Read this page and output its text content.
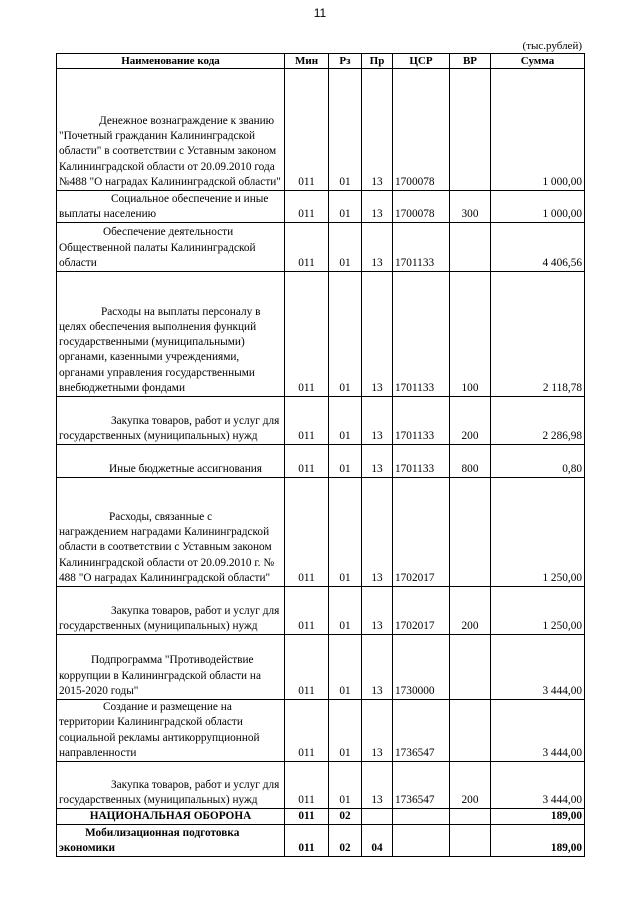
11
(тыс.рублей)
Наименование кода	Мин	Рз	Пр	ЦСР	ВР	Сумма
Денежное вознаграждение к званию "Почетный гражданин Калининградской области" в соответствии с Уставным законом Калининградской области от 20.09.2010 года №488 "О наградах Калининградской области"	011	01	13	1700078		1 000,00
Социальное обеспечение и иные выплаты населению	011	01	13	1700078	300	1 000,00
Обеспечение деятельности Общественной палаты Калининградской области	011	01	13	1701133		4 406,56
Расходы на выплаты персоналу в целях обеспечения выполнения функций государственными (муниципальными) органами, казенными учреждениями, органами управления государственными внебюджетными фондами	011	01	13	1701133	100	2 118,78
Закупка товаров, работ и услуг для государственных (муниципальных) нужд	011	01	13	1701133	200	2 286,98
Иные бюджетные ассигнования	011	01	13	1701133	800	0,80
Расходы, связанные с награждением наградами Калининградской области в соответствии с Уставным законом Калининградской области от 20.09.2010 г. № 488 "О наградах Калининградской области"	011	01	13	1702017		1 250,00
Закупка товаров, работ и услуг для государственных (муниципальных) нужд	011	01	13	1702017	200	1 250,00
Подпрограмма "Противодействие коррупции в Калининградской области на 2015-2020 годы"	011	01	13	1730000		3 444,00
Создание и размещение на территории Калининградской области социальной рекламы антикоррупционной направленности	011	01	13	1736547		3 444,00
Закупка товаров, работ и услуг для государственных (муниципальных) нужд	011	01	13	1736547	200	3 444,00
НАЦИОНАЛЬНАЯ ОБОРОНА	011	02				189,00
Мобилизационная подготовка экономики	011	02	04			189,00
